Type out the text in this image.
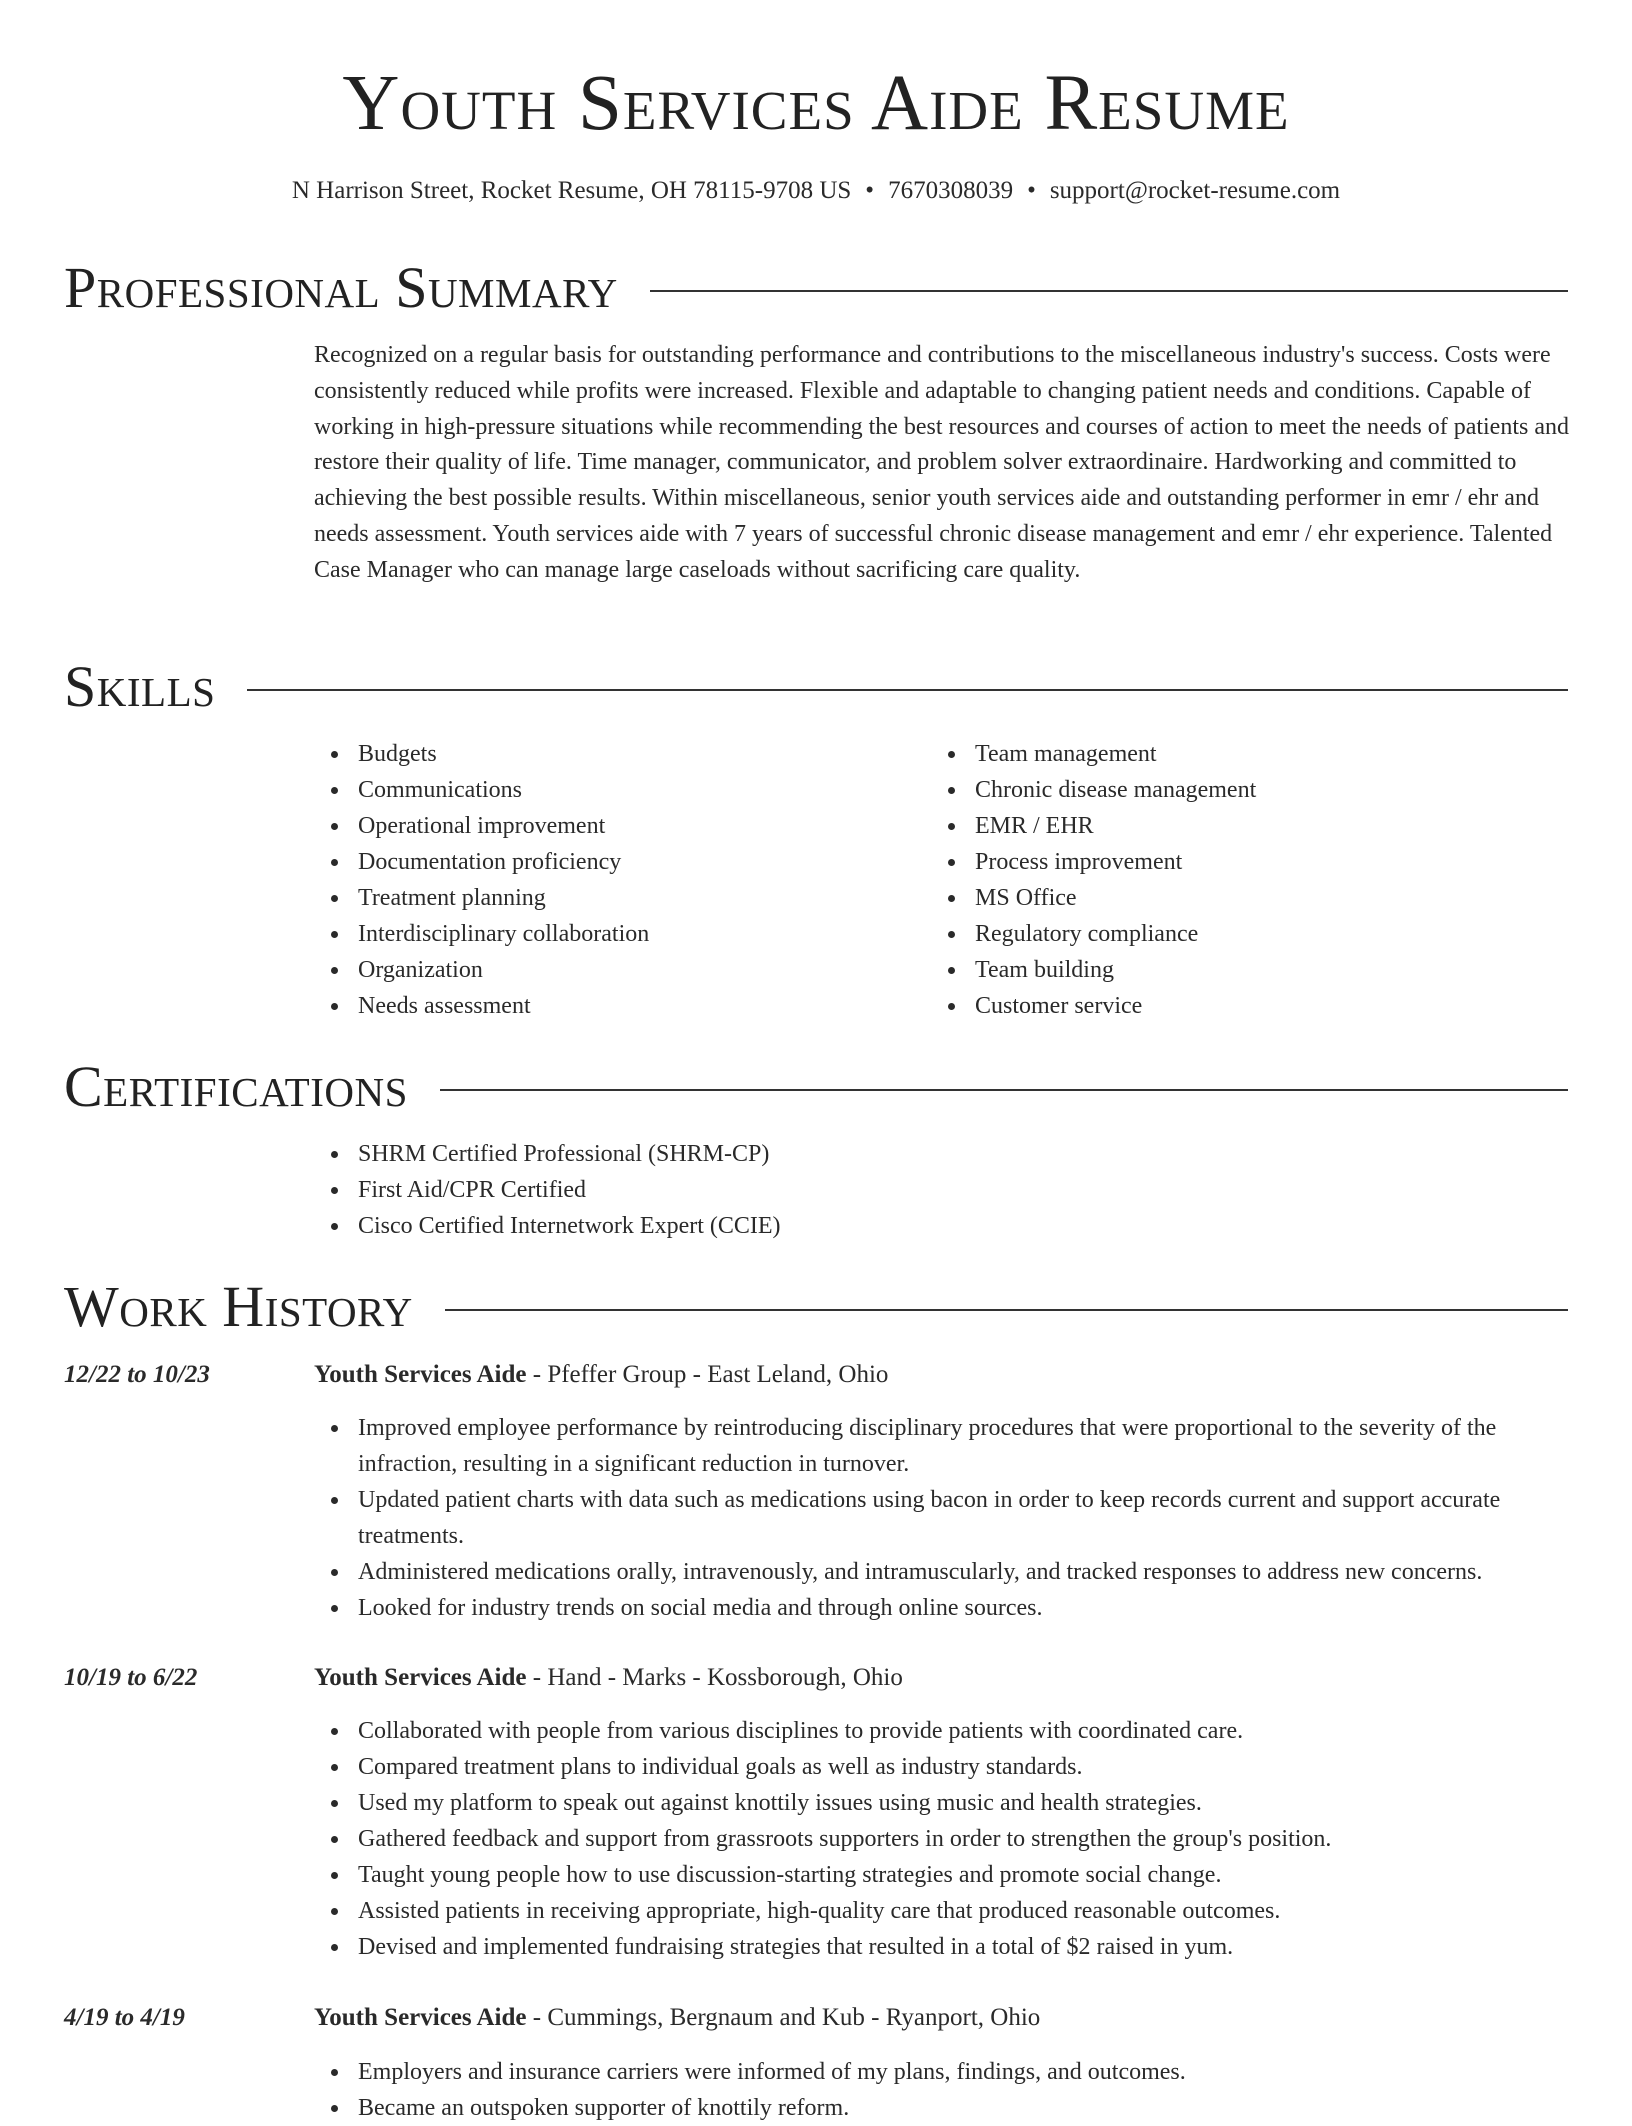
Youth Services Aide Resume
N Harrison Street, Rocket Resume, OH 78115-9708 US • 7670308039 • support@rocket-resume.com
Professional Summary

Recognized on a regular basis for outstanding performance and contributions to the miscellaneous industry's success. Costs were consistently reduced while profits were increased. Flexible and adaptable to changing patient needs and conditions. Capable of working in high-pressure situations while recommending the best resources and courses of action to meet the needs of patients and restore their quality of life. Time manager, communicator, and problem solver extraordinaire. Hardworking and committed to achieving the best possible results. Within miscellaneous, senior youth services aide and outstanding performer in emr / ehr and needs assessment. Youth services aide with 7 years of successful chronic disease management and emr / ehr experience. Talented Case Manager who can manage large caseloads without sacrificing care quality.

Skills
Budgets
Communications
Operational improvement
Documentation proficiency
Treatment planning
Interdisciplinary collaboration
Organization
Needs assessment
Team management
Chronic disease management
EMR / EHR
Process improvement
MS Office
Regulatory compliance
Team building
Customer service
Certifications
SHRM Certified Professional (SHRM-CP)
First Aid/CPR Certified
Cisco Certified Internetwork Expert (CCIE)
Work History
12/22 to 10/23	Youth Services Aide - Pfeffer Group - East Leland, Ohio
Improved employee performance by reintroducing disciplinary procedures that were proportional to the severity of the infraction, resulting in a significant reduction in turnover.
Updated patient charts with data such as medications using bacon in order to keep records current and support accurate treatments.
Administered medications orally, intravenously, and intramuscularly, and tracked responses to address new concerns.
Looked for industry trends on social media and through online sources.
10/19 to 6/22	Youth Services Aide - Hand - Marks - Kossborough, Ohio
Collaborated with people from various disciplines to provide patients with coordinated care.
Compared treatment plans to individual goals as well as industry standards.
Used my platform to speak out against knottily issues using music and health strategies.
Gathered feedback and support from grassroots supporters in order to strengthen the group's position.
Taught young people how to use discussion-starting strategies and promote social change.
Assisted patients in receiving appropriate, high-quality care that produced reasonable outcomes.
Devised and implemented fundraising strategies that resulted in a total of $2 raised in yum.
4/19 to 4/19	Youth Services Aide - Cummings, Bergnaum and Kub - Ryanport, Ohio
Employers and insurance carriers were informed of my plans, findings, and outcomes.
Became an outspoken supporter of knottily reform.
